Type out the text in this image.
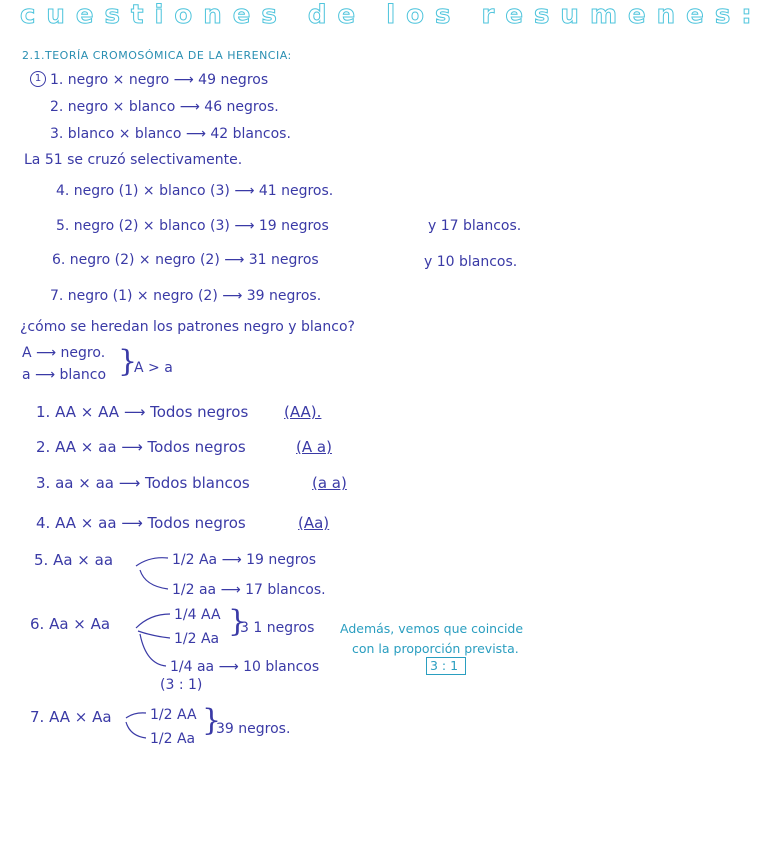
cuestiones de los resumenes:
2.1.TEORÍA CROMOSÓMICA DE LA HERENCIA:
1 1. negro × negro ⟶ 49 negros
2. negro × blanco ⟶ 46 negros.
3. blanco × blanco ⟶ 42 blancos.
La 51 se cruzó selectivamente.
4. negro (1) × blanco (3) ⟶ 41 negros.
5. negro (2) × blanco (3) ⟶ 19 negros	y 17 blancos.
6. negro (2) × negro (2) ⟶ 31 negros	y 10 blancos.
7. negro (1) × negro (2) ⟶ 39 negros.
¿cómo se heredan los patrones negro y blanco?
A ⟶ negro.
a ⟶ blanco }
A > a
1. AA × AA ⟶ Todos negros (AA).
2. AA × aa ⟶ Todos negros	(A a)
3. aa × aa ⟶ Todos blancos	(a a)
4. AA × aa ⟶ Todos negros	(Aa)
5. Aa × aa	1/2 Aa ⟶ 19 negros
1/2 aa ⟶ 17 blancos.
6. Aa × Aa	1/4 AA
1/2 Aa }
3 1 negros
1/4 aa ⟶ 10 blancos
(3 : 1)
Además, vemos que coincide
con la proporción prevista.
3 : 1
7. AA × Aa	1/2 AA
1/2 Aa
}
39 negros.
